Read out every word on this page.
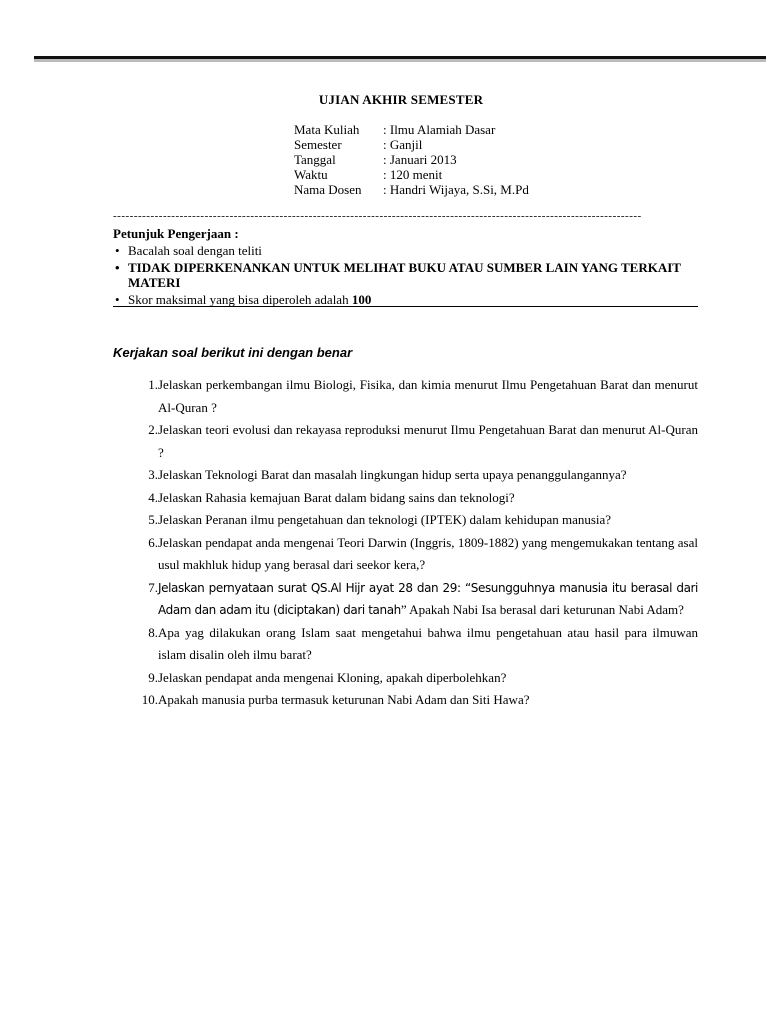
UJIAN AKHIR SEMESTER
Mata Kuliah	: Ilmu Alamiah Dasar
Semester	: Ganjil
Tanggal	: Januari 2013
Waktu	: 120 menit
Nama Dosen	: Handri Wijaya, S.Si, M.Pd
-------------------------------------------------------------------------------------------------------------------------------
Petunjuk Pengerjaan :
• Bacalah soal dengan teliti
• TIDAK DIPERKENANKAN UNTUK MELIHAT BUKU ATAU SUMBER LAIN YANG TERKAIT MATERI
• Skor maksimal yang bisa diperoleh adalah 100
Kerjakan soal berikut ini dengan benar
1. Jelaskan perkembangan ilmu Biologi, Fisika, dan kimia menurut Ilmu Pengetahuan Barat dan menurut Al-Quran ?
2. Jelaskan teori evolusi dan rekayasa reproduksi menurut Ilmu Pengetahuan Barat dan menurut Al-Quran ?
3. Jelaskan Teknologi Barat dan masalah lingkungan hidup serta upaya penanggulangannya?
4. Jelaskan Rahasia kemajuan Barat dalam bidang sains dan teknologi?
5. Jelaskan Peranan ilmu pengetahuan dan teknologi (IPTEK) dalam kehidupan manusia?
6. Jelaskan pendapat anda mengenai Teori Darwin (Inggris, 1809-1882) yang mengemukakan tentang asal usul makhluk hidup yang berasal dari seekor kera,?
7. Jelaskan pernyataan surat QS.Al Hijr ayat 28 dan 29: “Sesungguhnya manusia itu berasal dari Adam dan adam itu (diciptakan) dari tanah” Apakah Nabi Isa berasal dari keturunan Nabi Adam?
8. Apa yag dilakukan orang Islam saat mengetahui bahwa ilmu pengetahuan atau hasil para ilmuwan islam disalin oleh ilmu barat?
9. Jelaskan pendapat anda mengenai Kloning, apakah diperbolehkan?
10. Apakah manusia purba termasuk keturunan Nabi Adam dan Siti Hawa?
